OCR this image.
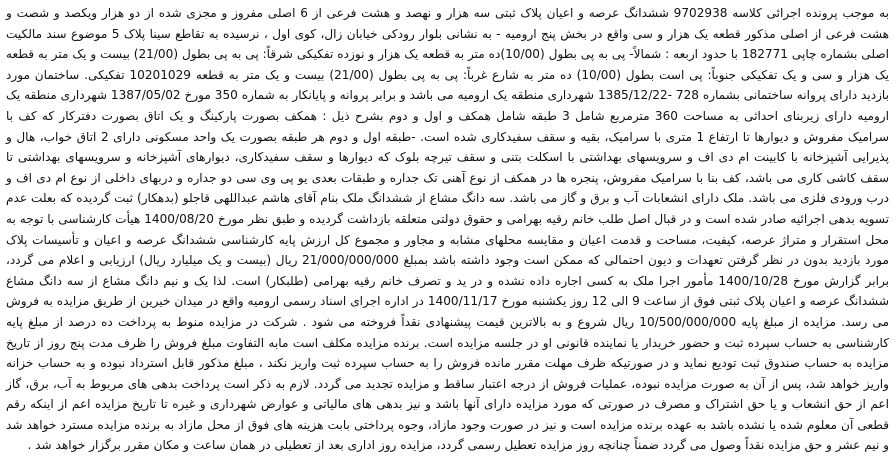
به موجب پرونده اجرائی کلاسه 9702938 ششدانگ عرصه و اعیان پلاک ثبتی سه هزار و نهصد و هشت فرعی از 6 اصلی مفروز و مجزی شده از دو هزار ویکصد و شصت و هشت فرعی از اصلی مذکور قطعه یک هزار و سی واقع در بخش پنج ارومیه - به نشانی بلوار رودکی خیابان زال، کوی اول ، نرسیده به تقاطع سینا پلاک 5 موضوع سند مالکیت اصلی بشماره چاپی 182771 با حدود اربعه : شمالاً- پی به پی بطول (10/00)ده متر به قطعه یک هزار و نوزده تفکیکی شرقاً: پی به پی بطول (21/00) بیست و یک متر به قطعه یک هزار و سی و یک تفکیکی جنوباً: پی است بطول (10/00) ده متر به شارع غرباً: پی به پی بطول (21/00) بیست و یک متر به قطعه 10201029 تفکیکی. ساختمان مورد بازدید دارای پروانه ساختمانی بشماره 728 -1385/12/22 شهرداری منطقه یک ارومیه می باشد و برابر پروانه و پایانکار به شماره 350 مورخ 1387/05/02 شهرداری منطقه یک ارومیه دارای زیربنای احداثی به مساحت 360 مترمربع شامل 3 طبقه شامل همکف و اول و دوم بشرح ذیل : همکف بصورت پارکینگ و یک اتاق بصورت دفترکار که کف با سرامیک مفروش و دیوارها تا ارتفاع 1 متری با سرامیک، بقیه و سقف سفیدکاری شده است. -طبقه اول و دوم هر طبقه بصورت یک واحد مسکونی دارای 2 اتاق خواب، هال و پذیرایی آشپزخانه با کابینت ام دی اف و سرویسهای بهداشتی با اسکلت بتنی و سقف تیرچه بلوک که دیوارها و سقف سفیدکاری، دیوارهای آشپزخانه و سرویسهای بهداشتی تا سقف کاشی کاری می باشد، کف بنا با سرامیک مفروش، پنجره ها در همکف از نوع آهنی تک جداره و طبقات بعدی یو پی وی سی دو جداره و دربهای داخلی از نوع ام دی اف و درب ورودی فلزی می باشد. ملک دارای انشعابات آب و برق و گاز می باشد. سه دانگ مشاع از ششدانگ ملک بنام آقای هاشم عبداللهی قاجلو (بدهکار) ثبت گردیده که بعلت عدم تسویه بدهی اجرائیه صادر شده است و در قبال اصل طلب خانم رقیه بهرامی و حقوق دولتی متعلقه بازداشت گردیده و طبق نظر مورخ 1400/08/20 هیأت کارشناسی با توجه به محل استقرار و متراژ عرصه، کیفیت، مساحت و قدمت اعیان و مقایسه محلهای مشابه و مجاور و مجموع کل ارزش پایه کارشناسی ششدانگ عرصه و اعیان و تأسیسات پلاک مورد بازدید بدون در نظر گرفتن تعهدات و دیون احتمالی که ممکن است وجود داشته باشد بمبلغ 21/000/000/000 ریال (بیست و یک میلیارد ریال) ارزیابی و اعلام می گردد، برابر گزارش مورخ 1400/10/28 مأمور اجرا ملک به کسی اجاره داده نشده و در ید و تصرف خانم رقیه بهرامی (طلبکار) است. لذا یک و نیم دانگ مشاع از سه دانگ مشاع ششدانگ عرصه و اعیان پلاک ثبتی فوق از ساعت 9 الی 12 روز یکشنبه مورخ 1400/11/17 در اداره اجرای اسناد رسمی ارومیه واقع در میدان خیرین از طریق مزایده به فروش می رسد. مزایده از مبلغ پایه 10/500/000/000 ریال شروع و به بالاترین قیمت پیشنهادی نقداً فروخته می شود . شرکت در مزایده منوط به پرداخت ده درصد از مبلغ پایه کارشناسی به حساب سپرده ثبت و حضور خریدار یا نماینده قانونی او در جلسه مزایده است. برنده مزایده مکلف است مابه التفاوت مبلغ فروش را ظرف مدت پنج روز از تاریخ مزایده به حساب صندوق ثبت تودیع نماید و در صورتیکه ظرف مهلت مقرر مانده فروش را به حساب سپرده ثبت واریز نکند ، مبلغ مذکور قابل استرداد نبوده و به حساب خزانه واریز خواهد شد، پس از آن به صورت مزایده نبوده، عملیات فروش از درجه اعتبار ساقط و مزایده تجدید می گردد. لازم به ذکر است پرداخت بدهی های مربوط به آب، برق، گاز اعم از حق انشعاب و یا حق اشتراک و مصرف در صورتی که مورد مزایده دارای آنها باشد و نیز بدهی های مالیاتی و عوارض شهرداری و غیره تا تاریخ مزایده اعم از اینکه رقم قطعی آن معلوم شده یا نشده باشد به عهده برنده مزایده است و نیز در صورت وجود مازاد، وجوه پرداختی بابت هزینه های فوق از محل مازاد به برنده مزایده مسترد خواهد شد و نیم عشر و حق مزایده نقداً وصول می گردد ضمناً چنانچه روز مزایده تعطیل رسمی گردد، مزایده روز اداری بعد از تعطیلی در همان ساعت و مکان مقرر برگزار خواهد شد .
